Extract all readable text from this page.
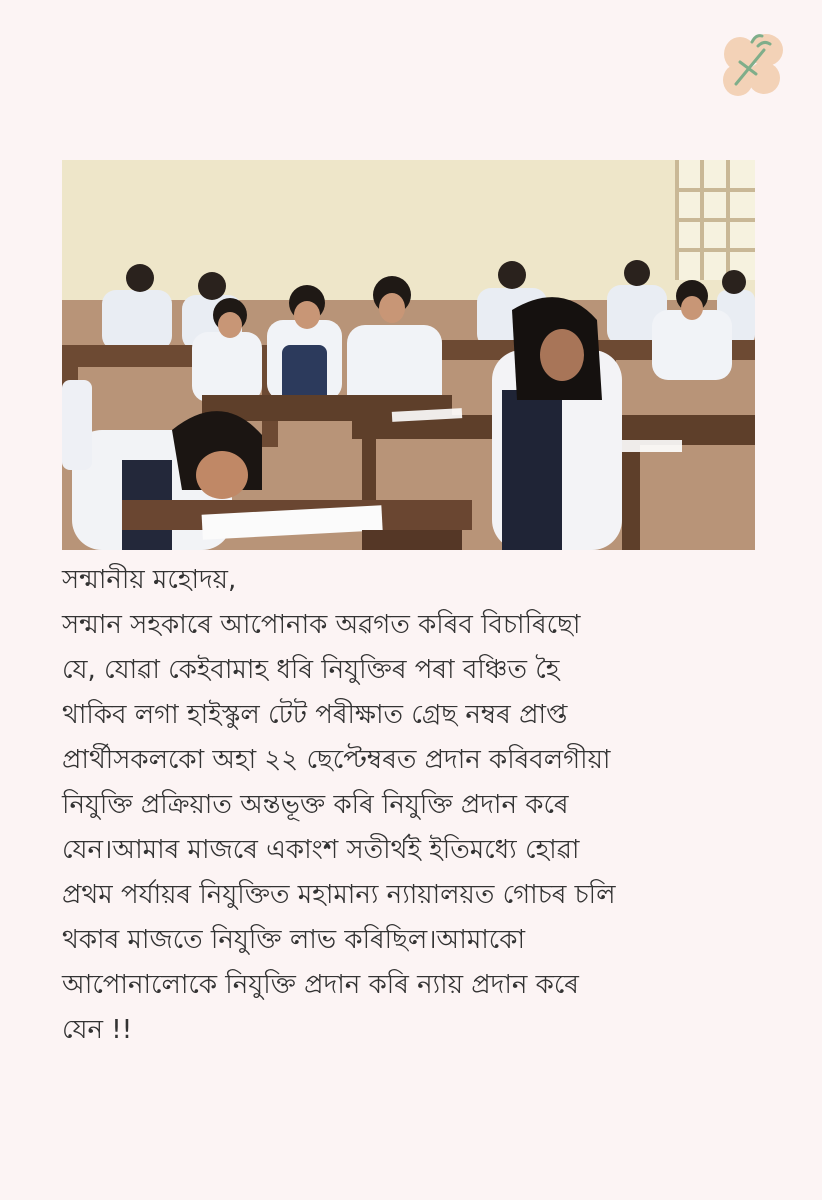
সন্মানীয় মহোদয়,
সন্মান সহকাৰে আপোনাক অৱগত কৰিব বিচাৰিছো
যে, যোৱা কেইবামাহ ধৰি নিযুক্তিৰ পৰা বঞ্চিত হৈ
থাকিব লগা হাইস্কুল টেট পৰীক্ষাত গ্ৰেছ নম্বৰ প্ৰাপ্ত
প্ৰাৰ্থীসকলকো অহা ২২ ছেপ্টেম্বৰত প্ৰদান কৰিবলগীয়া
নিযুক্তি প্ৰক্ৰিয়াত অন্তভূক্ত কৰি নিযুক্তি প্ৰদান কৰে
যেন।আমাৰ মাজৰে একাংশ সতীৰ্থই ইতিমধ্যে হোৱা
প্ৰথম পৰ্যায়ৰ নিযুক্তিত মহামান্য ন্যায়ালয়ত গোচৰ চলি
থকাৰ মাজতে নিযুক্তি লাভ কৰিছিল।আমাকো
আপোনালোকে নিযুক্তি প্ৰদান কৰি ন্যায় প্ৰদান কৰে
যেন !!
